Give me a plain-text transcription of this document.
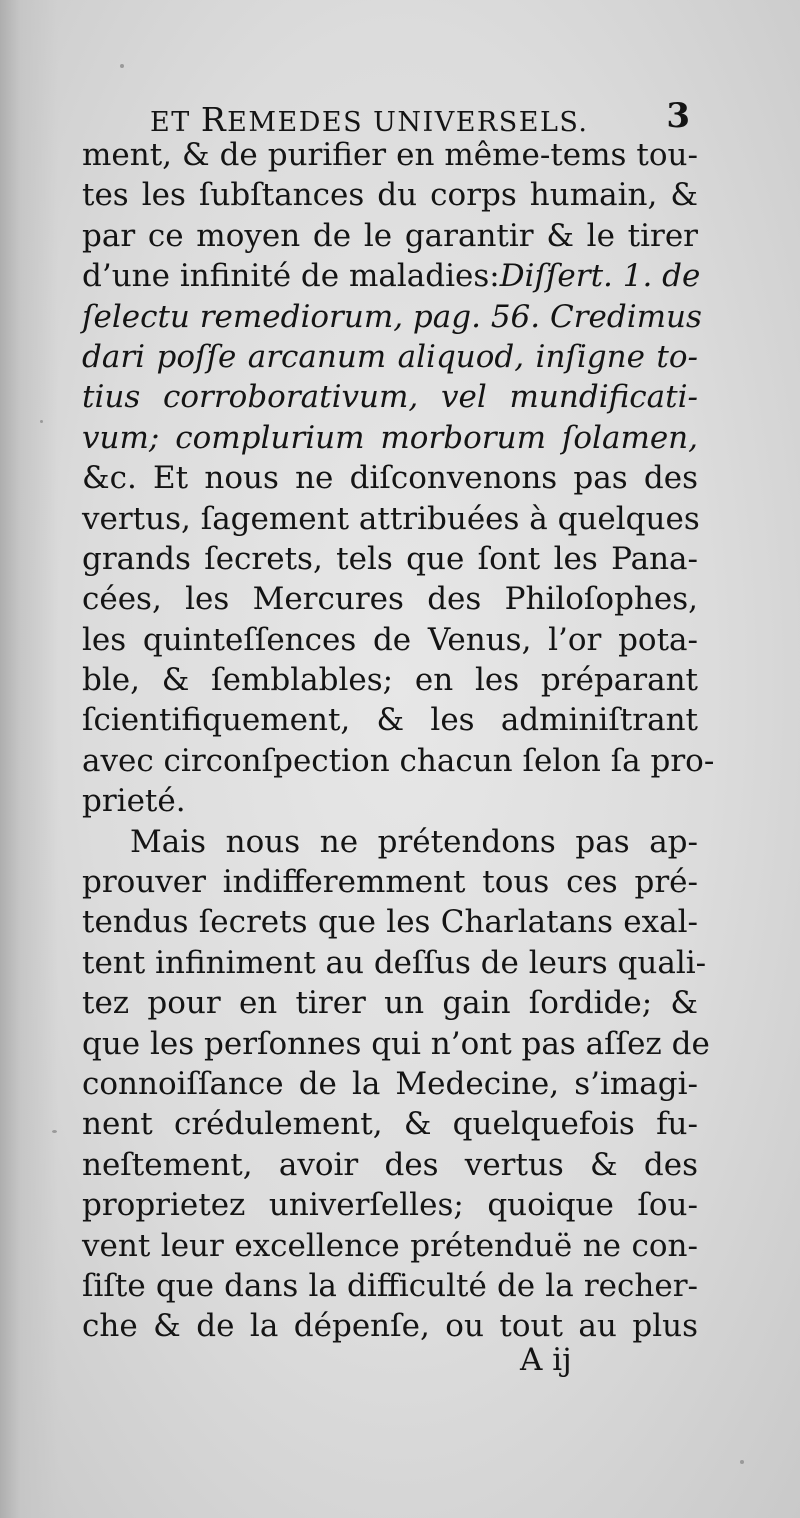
ET REMEDES UNIVERSELS. 3
ment, & de purifier en même-tems tou-
tes les ſubſtances du corps humain, &
par ce moyen de le garantir & le tirer
d’une infinité de maladies:Diſſert. 1. de
ſelectu remediorum, pag. 56. Credimus
dari poſſe arcanum aliquod, inſigne to-
tius corroborativum, vel mundificati-
vum; complurium morborum ſolamen,
&c. Et nous ne diſconvenons pas des
vertus, ſagement attribuées à quelques
grands ſecrets, tels que ſont les Pana-
cées, les Mercures des Philoſophes,
les quinteſſences de Venus, l’or pota-
ble, & ſemblables; en les préparant
ſcientifiquement, & les adminiſtrant
avec circonſpection chacun ſelon ſa pro-
prieté.
Mais nous ne prétendons pas ap-
prouver indifferemment tous ces pré-
tendus ſecrets que les Charlatans exal-
tent infiniment au deſſus de leurs quali-
tez pour en tirer un gain ſordide; &
que les perſonnes qui n’ont pas aſſez de
connoiſſance de la Medecine, s’imagi-
nent crédulement, & quelquefois fu-
neſtement, avoir des vertus & des
proprietez univerſelles; quoique ſou-
vent leur excellence prétenduë ne con-
ſiſte que dans la difficulté de la recher-
che & de la dépenſe, ou tout au plus
A ij
